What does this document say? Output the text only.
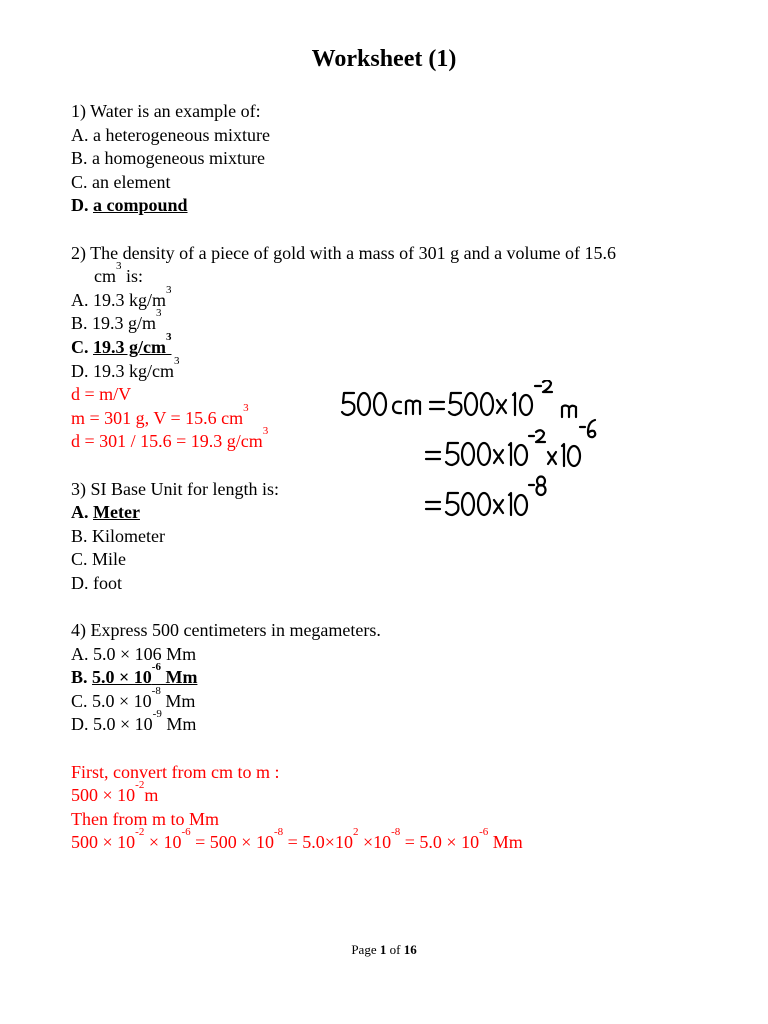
Worksheet (1)
1) Water is an example of:
A. a heterogeneous mixture
B. a homogeneous mixture
C. an element
D. a compound
2) The density of a piece of gold with a mass of 301 g and a volume of 15.6
$cm^3$ is:
A. 19.3 $kg/m^3$
B. 19.3 $g/m^3$
C. 19.3 $g/cm^3$
D. 19.3 $kg/cm^3$
d = m/V
m = 301 g, V = 15.6 $cm^3$
d = 301 / 15.6 = 19.3 $g/cm^3$
3) SI Base Unit for length is:
A. Meter
B. Kilometer
C. Mile
D. foot
4) Express 500 centimeters in megameters.
A. 5.0 × 106 Mm
B. $5.0 \times 10^{-6}$ Mm
C. $5.0 \times 10^{-8}$ Mm
D. $5.0 \times 10^{-9}$ Mm
First, convert from cm to m :
$500 \times 10^{-2}m$
Then from m to Mm
$500 \times 10^{-2} \times 10^{-6} = 500 \times 10^{-8} = 5.0\times 10^2 \times 10^{-8} = 5.0 \times 10^{-6}$ Mm
Page 1 of 16
